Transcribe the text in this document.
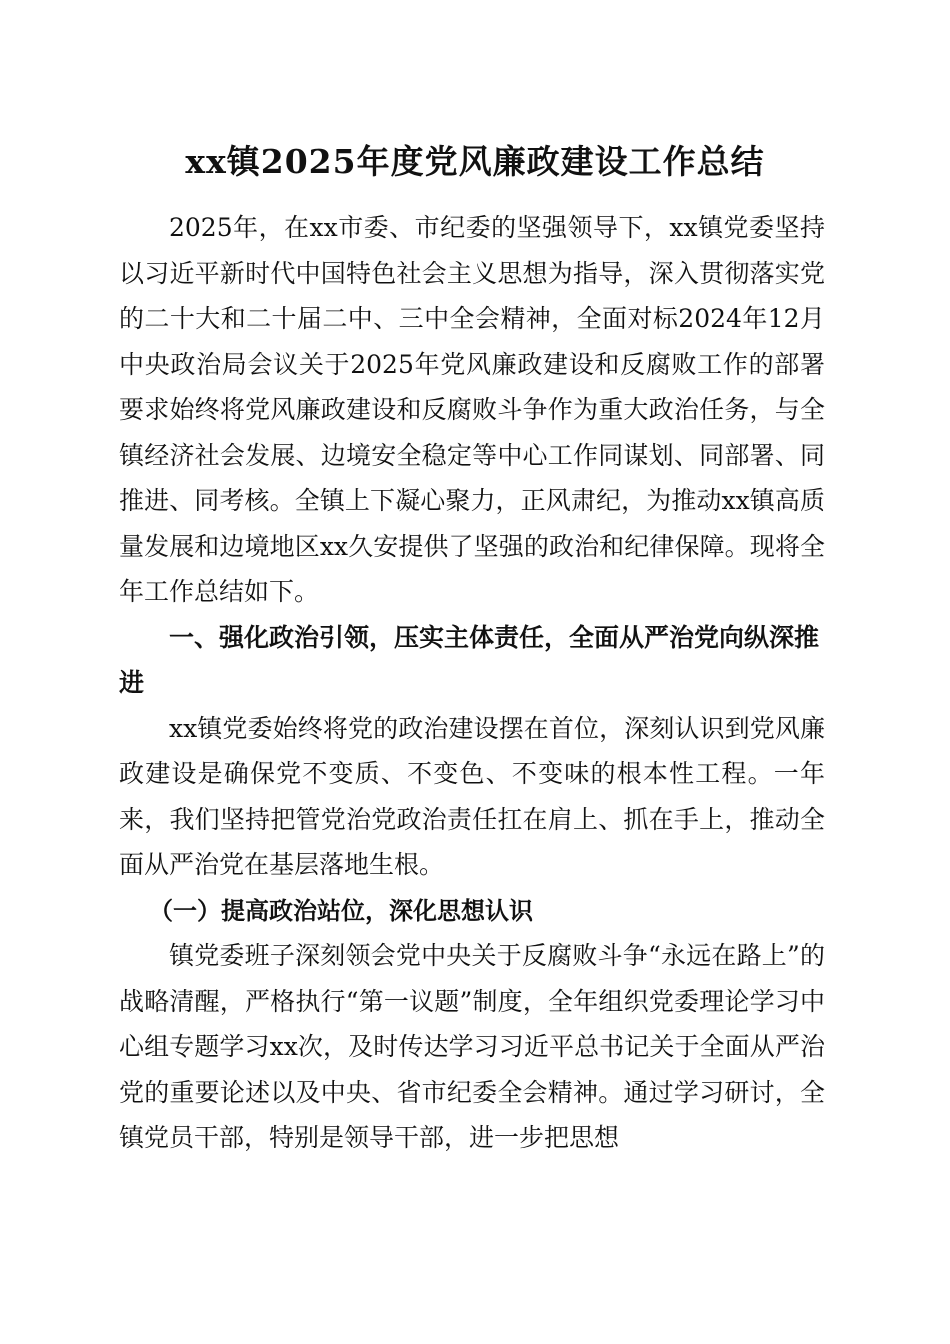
xx镇2025年度党风廉政建设工作总结

2025年，在xx市委、市纪委的坚强领导下，xx镇党委坚持以习近平新时代中国特色社会主义思想为指导，深入贯彻落实党的二十大和二十届二中、三中全会精神，全面对标2024年12月中央政治局会议关于2025年党风廉政建设和反腐败工作的部署要求始终将党风廉政建设和反腐败斗争作为重大政治任务，与全镇经济社会发展、边境安全稳定等中心工作同谋划、同部署、同推进、同考核。全镇上下凝心聚力，正风肃纪，为推动xx镇高质量发展和边境地区xx久安提供了坚强的政治和纪律保障。现将全年工作总结如下。

一、强化政治引领，压实主体责任，全面从严治党向纵深推进

xx镇党委始终将党的政治建设摆在首位，深刻认识到党风廉政建设是确保党不变质、不变色、不变味的根本性工程。一年来，我们坚持把管党治党政治责任扛在肩上、抓在手上，推动全面从严治党在基层落地生根。

（一）提高政治站位，深化思想认识

镇党委班子深刻领会党中央关于反腐败斗争“永远在路上”的战略清醒，严格执行“第一议题”制度，全年组织党委理论学习中心组专题学习xx次，及时传达学习习近平总书记关于全面从严治党的重要论述以及中央、省市纪委全会精神。通过学习研讨，全镇党员干部，特别是领导干部，进一步把思想
